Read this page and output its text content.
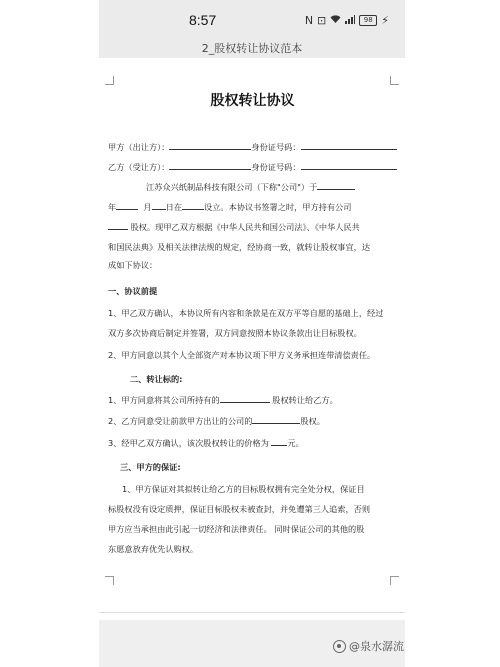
8:57	N ⊡	98 ⚡
2_股权转让协议范本
股权转让协议
甲方（出让方）：	身份证号码：
乙方（受让方）：	身份证号码：
江苏众兴纸制品科技有限公司（下称"公司"）于
年	月 日在	设立。本协议书签署之时，甲方持有公司
股权。现甲乙双方根据《中华人民共和国公司法》、《中华人民共
和国民法典》及相关法律法规的规定，经协商一致，就转让股权事宜，达
成如下协议：
一、协议前提
1、甲乙双方确认，本协议所有内容和条款是在双方平等自愿的基础上，经过
双方多次协商后制定并签署，双方同意按照本协议条款出让目标股权。
2、甲方同意以其个人全部资产对本协议项下甲方义务承担连带清偿责任。
二、转让标的:
1、甲方同意将其公司所持有的	股权转让给乙方。
2、乙方同意受让前款甲方出让的公司的	股权。
3、经甲乙双方确认，该次股权转让的价格为 元。
三、甲方的保证:
1、甲方保证对其拟转让给乙方的目标股权拥有完全处分权，保证目
标股权没有设定质押，保证目标股权未被查封，并免遭第三人追索，否则
甲方应当承担由此引起一切经济和法律责任。 同时保证公司的其他的股
东愿意放弃优先认购权。
@泉水潺流
